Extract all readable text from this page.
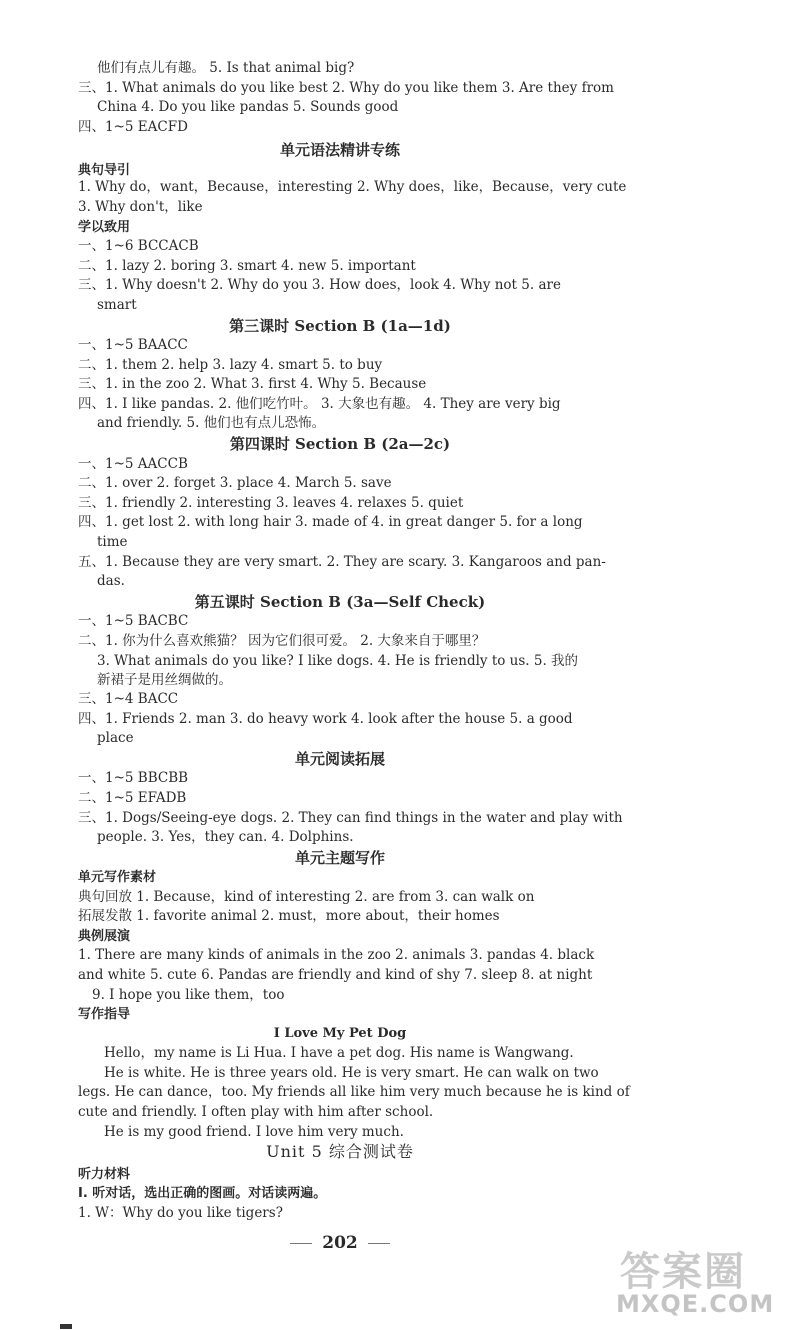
他们有点儿有趣。 5. Is that animal big?
三、1. What animals do you like best 2. Why do you like them 3. Are they from
China 4. Do you like pandas 5. Sounds good
四、1~5 EACFD
单元语法精讲专练
典句导引
1. Why do，want，Because，interesting 2. Why does，like，Because，very cute
3. Why don't，like
学以致用
一、1~6 BCCACB
二、1. lazy 2. boring 3. smart 4. new 5. important
三、1. Why doesn't 2. Why do you 3. How does，look 4. Why not 5. are
smart
第三课时 Section B (1a—1d)
一、1~5 BAACC
二、1. them 2. help 3. lazy 4. smart 5. to buy
三、1. in the zoo 2. What 3. first 4. Why 5. Because
四、1. I like pandas. 2. 他们吃竹叶。 3. 大象也有趣。 4. They are very big
and friendly. 5. 他们也有点儿恐怖。
第四课时 Section B (2a—2c)
一、1~5 AACCB
二、1. over 2. forget 3. place 4. March 5. save
三、1. friendly 2. interesting 3. leaves 4. relaxes 5. quiet
四、1. get lost 2. with long hair 3. made of 4. in great danger 5. for a long
time
五、1. Because they are very smart. 2. They are scary. 3. Kangaroos and pan-
das.
第五课时 Section B (3a—Self Check)
一、1~5 BACBC
二、1. 你为什么喜欢熊猫？ 因为它们很可爱。 2. 大象来自于哪里？
3. What animals do you like? I like dogs. 4. He is friendly to us. 5. 我的
新裙子是用丝绸做的。
三、1~4 BACC
四、1. Friends 2. man 3. do heavy work 4. look after the house 5. a good
place
单元阅读拓展
一、1~5 BBCBB
二、1~5 EFADB
三、1. Dogs/Seeing-eye dogs. 2. They can find things in the water and play with
people. 3. Yes，they can. 4. Dolphins.
单元主题写作
单元写作素材
典句回放 1. Because，kind of interesting 2. are from 3. can walk on
拓展发散 1. favorite animal 2. must，more about，their homes
典例展演
1. There are many kinds of animals in the zoo 2. animals 3. pandas 4. black
and white 5. cute 6. Pandas are friendly and kind of shy 7. sleep 8. at night
9. I hope you like them，too
写作指导
I Love My Pet Dog
Hello，my name is Li Hua. I have a pet dog. His name is Wangwang.
He is white. He is three years old. He is very smart. He can walk on two
legs. He can dance，too. My friends all like him very much because he is kind of
cute and friendly. I often play with him after school.
He is my good friend. I love him very much.
Unit 5 综合测试卷
听力材料
Ⅰ. 听对话，选出正确的图画。对话读两遍。
1. W：Why do you like tigers?
202
答案圈
MXQE.COM
